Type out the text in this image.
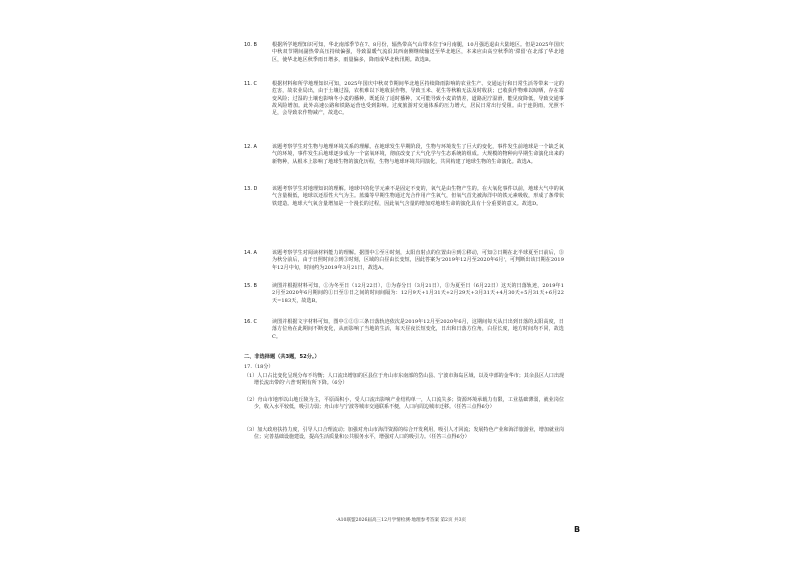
10. B	根据所学地理知识可知，华北南部季节在7、8月份，辐热带高气山带本位于9月南腿，10月强迅退由大陆地区。但是2025年国庆中秋双节期间副热带高压持续偏强，导致温暖气流沿其西南侧继续输送至华北地区，本来应由高空秋季的'滞留'在北部了华北地区，使华北地区秋季雨日增多，雨量偏多，降雨成华北秋汛期。故选B。
11. C	根据材料和所学地理知识可知，2025年国庆中秋双节期间华北地区持续降雨影响的农业生产、交通运行和日常生活等带来一定的危害，故农业局出，由于土壤过湿，农机难以下地收获作物，导致玉米、花生等秋粮无法及时收获；已收获作物难以晾晒，存在霉变风险；过湿的土壤也影响冬小麦的播种，既延误了适时播种，又可能导致小麦苗情差，道路泥泞湿滑，能见度降低，导致交通事故风险增加。此外高速公路和铁路运营也受到影响。过度旅游对交通体系的压力增大，居民日常出行受阻。由于连阴雨，光照不足，会导致农作物减产，故选C。
12. A	该题考察学生对生物与地理环境关系的理解。在地球发生早期阶段，生物与环境发生了巨大的变化，事件发生前地球是一个缺乏氧气的环境，事件发生后地球逐步成为一个富氧环境，彻底改变了大气化学与生态系统的组成。大规模的物种向早期生命演化出来的新物种，从根本上影响了地球生物的演化历程，生物与地球环境共同演化，共同构建了地球生物的生命演化。故选A。
13. D	该题考察学生对地理知识的理解。地球中的化学元素不是固定不变的，氧气是由生物产生的。在大氧化事件以前，地球大气中的氧气含量极低，地球以还原性大气为主。蓝藻等早期生物通过光合作用产生氧气，但氧气首先被海洋中的铁元素吸收，形成了条带状铁建造。地球大气氧含量增加是一个漫长的过程，因此氧气含量的增加对地球生命的演化具有十分重要的意义。故选D。
14. A	该题考察学生对阅读材料能力的理解。据图中①至④时刻，太阳直射点的位置由④到①移动，可知②日期在北半球夏至日前后，③为秋分前后，由于日照时间②到③时刻，区域的白昼由长变短，因此答案为'2019年12月至2020年6月'，可判断出该日期在2019年12月中旬，时间约为2019年3月21日，故选A。
15. B	读图并根据材料可知，①为冬至日（12月22日），②为春分日（3月21日），③为夏至日（6月22日）这天的日落轨迹，2019年12月至2020年6月期间的①日至③日之间的时间间隔为：12月9天+1月31天+2月29天+3月31天+4月30天+5月31天+6月22天=183天，故选B。
16. C	读图并根据文字材料可知，图中①②③三条日落轨迹依次是2019年12月至2020年6月，这期间每天从日出到日落的太阳高度，日落方位角在此期间不断变化，从而影响了当地的生活，每天昼夜长短变化，日出和日落方位角，白昼长度，地方时间均不同，故选C。
二、非选择题（共3题，52分。）
17.（18分）
（1）人口占比变化呈现分布不均衡；人口流出增加的区县位于舟山市东南部的岱山县、宁波市海岛区域，以及中部的金华市；其余县区人口出现增长流出带的'六普'时期有所下降。（6分）
（2）舟山市地形以山地丘陵为主，平原面积小，受人口流出影响产业结构单一，人口流失多；资源环境承载力有限，工业基础薄弱，就业岗位少，收入水平较低，吸引力弱；舟山市与宁波等城市交通联系不便，人口向周边城市迁移。（任答三点得6分）
（3）加大政府扶持力度，引导人口合理流动；加强对舟山市海洋资源的综合开发利用，吸引人才回流；发展特色产业和海洋旅游业，增加就业岗位；完善基础设施建设，提高生活质量和公共服务水平，增强对人口的吸引力。（任答三点得6分）
·A10联盟2026届高三12月学情检测·地理参考答案 第2页 共3页
B
